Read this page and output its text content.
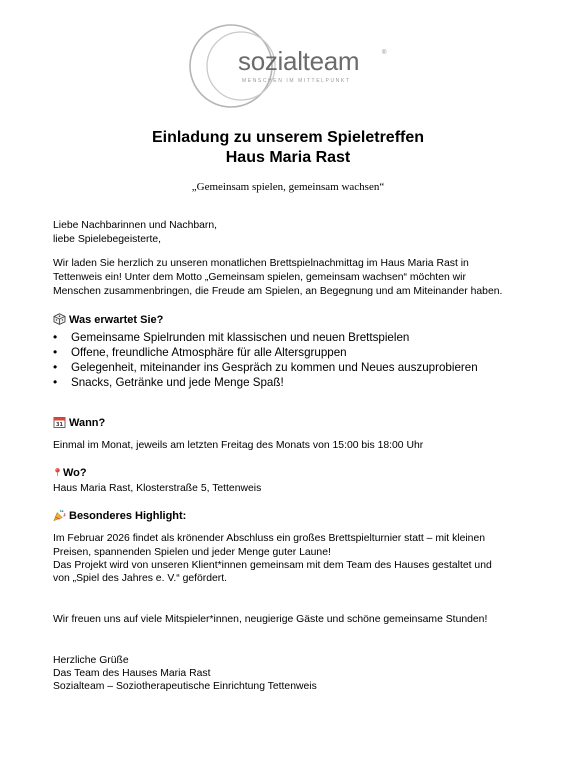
sozialteam	®
MENSCHEN IM MITTELPUNKT
Einladung zu unserem Spieletreffen
Haus Maria Rast
„Gemeinsam spielen, gemeinsam wachsen“
Liebe Nachbarinnen und Nachbarn,
liebe Spielebegeisterte,
Wir laden Sie herzlich zu unseren monatlichen Brettspielnachmittag im Haus Maria Rast in
Tettenweis ein! Unter dem Motto „Gemeinsam spielen, gemeinsam wachsen“ möchten wir
Menschen zusammenbringen, die Freude am Spielen, an Begegnung und am Miteinander haben.
Was erwartet Sie?
• Gemeinsame Spielrunden mit klassischen und neuen Brettspielen
• Offene, freundliche Atmosphäre für alle Altersgruppen
• Gelegenheit, miteinander ins Gespräch zu kommen und Neues auszuprobieren
• Snacks, Getränke und jede Menge Spaß!
31 Wann?
Einmal im Monat, jeweils am letzten Freitag des Monats von 15:00 bis 18:00 Uhr
Wo?
Haus Maria Rast, Klosterstraße 5, Tettenweis
Besonderes Highlight:
Im Februar 2026 findet als krönender Abschluss ein großes Brettspielturnier statt – mit kleinen
Preisen, spannenden Spielen und jeder Menge guter Laune!
Das Projekt wird von unseren Klient*innen gemeinsam mit dem Team des Hauses gestaltet und
von „Spiel des Jahres e. V.“ gefördert.
Wir freuen uns auf viele Mitspieler*innen, neugierige Gäste und schöne gemeinsame Stunden!
Herzliche Grüße
Das Team des Hauses Maria Rast
Sozialteam – Soziotherapeutische Einrichtung Tettenweis
